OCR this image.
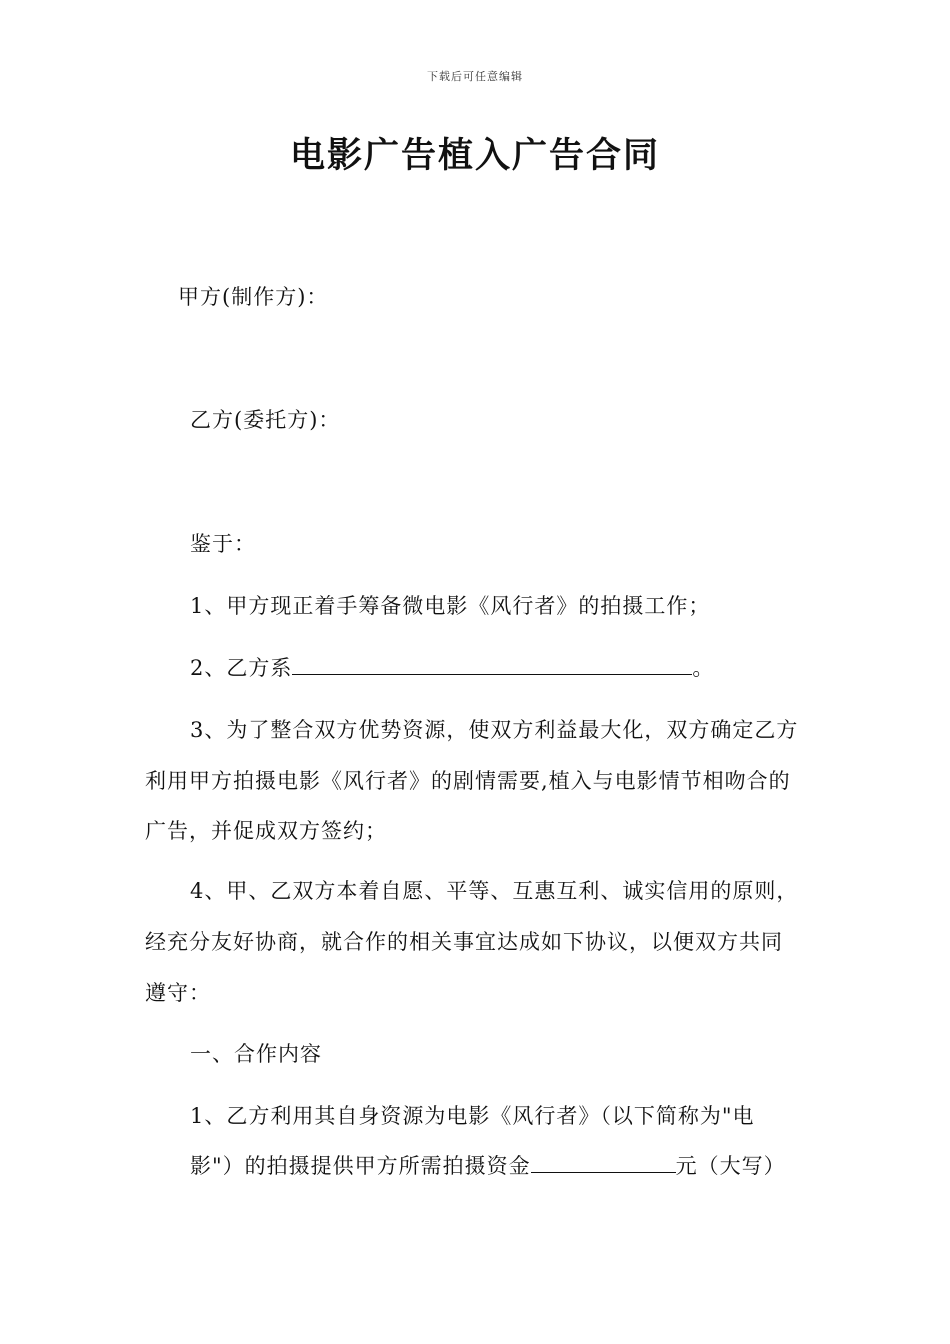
下载后可任意编辑
电影广告植入广告合同
甲方(制作方)：
乙方(委托方)：
鉴于：
1、甲方现正着手筹备微电影《风行者》的拍摄工作；
2、乙方系	。
3、为了整合双方优势资源，使双方利益最大化，双方确定乙方
利用甲方拍摄电影《风行者》的剧情需要,植入与电影情节相吻合的
广告，并促成双方签约；
4、甲、乙双方本着自愿、平等、互惠互利、诚实信用的原则，
经充分友好协商，就合作的相关事宜达成如下协议，以便双方共同
遵守：
一、合作内容
1、乙方利用其自身资源为电影《风行者》（以下简称为"电
影"）的拍摄提供甲方所需拍摄资金	元（大写）
